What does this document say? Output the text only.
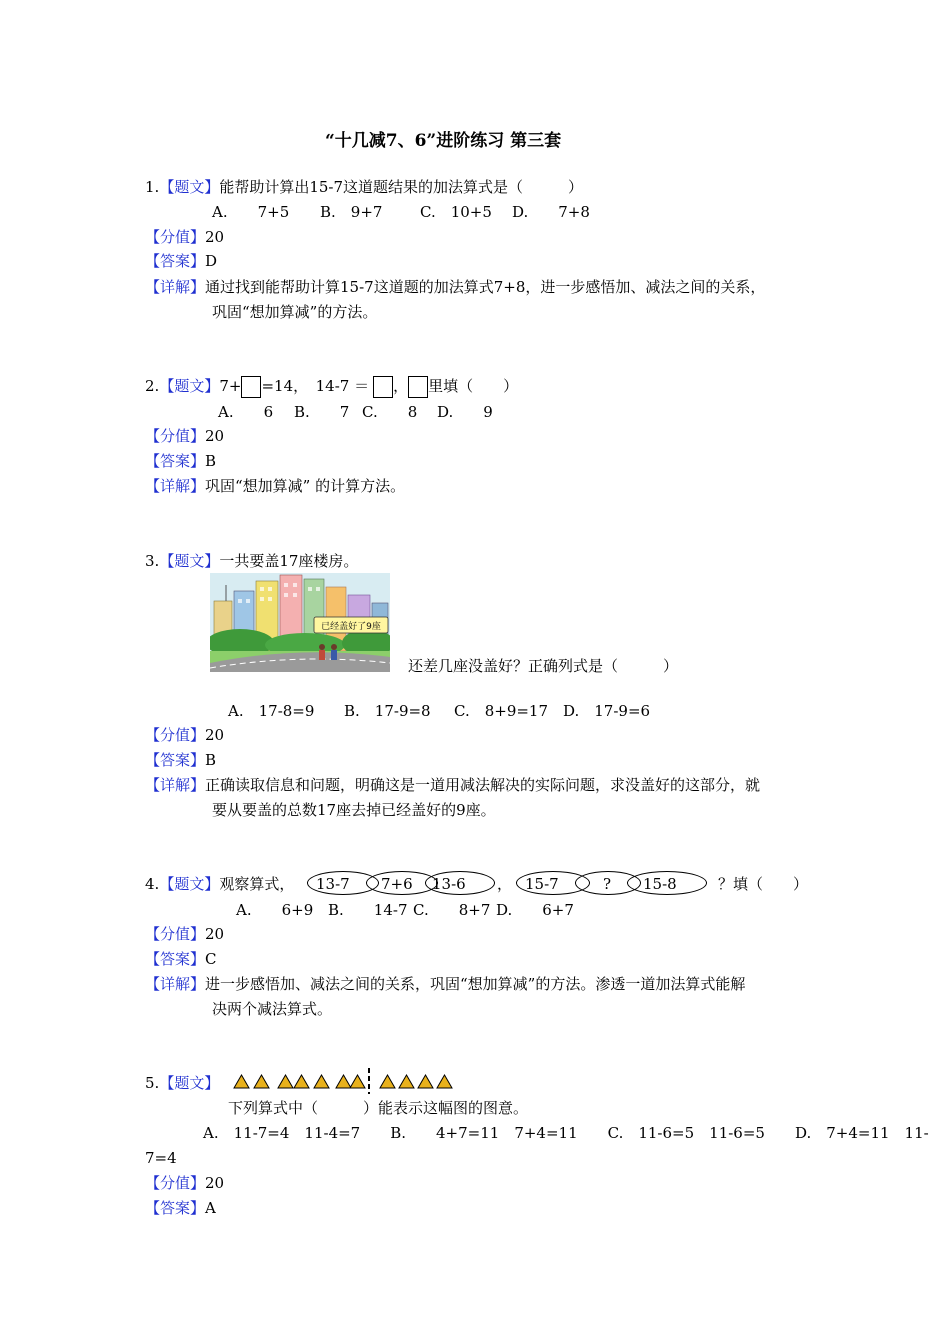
“十几减7、6”进阶练习 第三套
1.【题文】能帮助计算出15-7这道题结果的加法算式是（　　　）
A.　　7+5 B.　9+7	C.　10+5 D.　　7+8
【分值】20
【答案】D
【详解】通过找到能帮助计算15-7这道题的加法算式7+8，进一步感悟加、减法之间的关系，
巩固“想加算减”的方法。
2.【题文】7+ =14，　14-7 ＝ ， 里填（　　）
A.　　6 B.　　7 C.　　8 D.　　9
【分值】20
【答案】B
【详解】巩固“想加算减” 的计算方法。
3.【题文】一共要盖17座楼房。
已经盖好了9座
还差几座没盖好？正确列式是（　　　）
A.　17-8=9 B.　17-9=8 C.　8+9=17 D.　17-9=6
【分值】20
【答案】B
【详解】正确读取信息和问题，明确这是一道用减法解决的实际问题，求没盖好的这部分，就
要从要盖的总数17座去掉已经盖好的9座。
4.【题文】观察算式， 13-7 7+6 13-6 ， 15-7	? 15-8	？填（　　）
A.　　6+9 B.　　14-7 C.　　8+7 D.　　6+7
【分值】20
【答案】C
【详解】进一步感悟加、减法之间的关系，巩固“想加算减”的方法。渗透一道加法算式能解
决两个减法算式。
5.【题文】
下列算式中（　　　）能表示这幅图的图意。
A.　11-7=4　11-4=7　　B.　　4+7=11　7+4=11　　C.　11-6=5　11-6=5　　D.　7+4=11　11-
7=4
【分值】20
【答案】A
